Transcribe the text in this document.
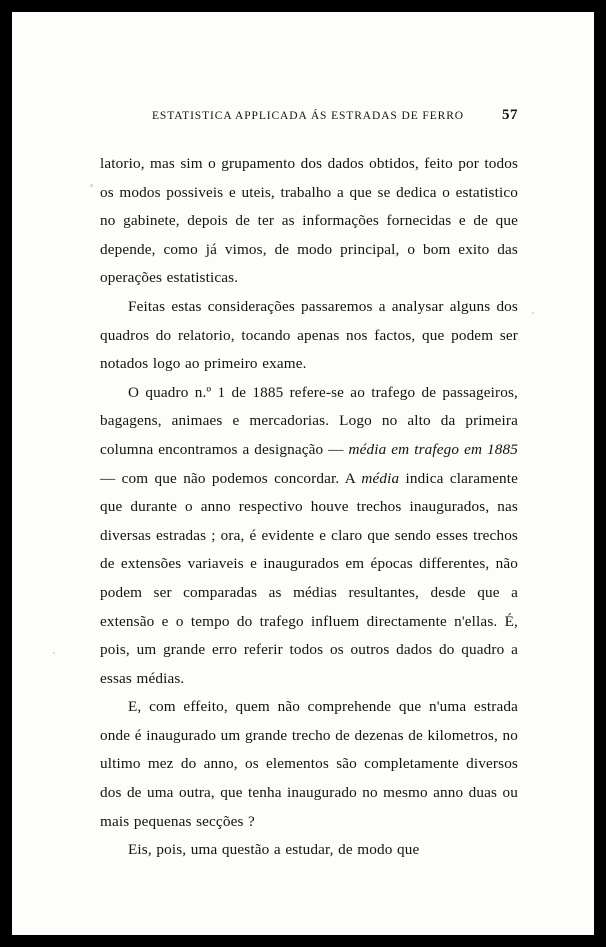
ESTATISTICA APPLICADA ÁS ESTRADAS DE FERRO	57

latorio, mas sim o grupamento dos dados obtidos, feito por todos os modos possiveis e uteis, trabalho a que se dedica o estatistico no gabinete, depois de ter as informações fornecidas e de que depende, como já vimos, de modo principal, o bom exito das operações estatisticas.

Feitas estas considerações passaremos a analysar alguns dos quadros do relatorio, tocando apenas nos factos, que podem ser notados logo ao primeiro exame.

O quadro n.º 1 de 1885 refere-se ao trafego de passageiros, bagagens, animaes e mercadorias. Logo no alto da primeira columna encontramos a designação — média em trafego em 1885 — com que não podemos concordar. A média indica claramente que durante o anno respectivo houve trechos inaugurados, nas diversas estradas ; ora, é evidente e claro que sendo esses trechos de extensões variaveis e inaugurados em épocas differentes, não podem ser comparadas as médias resultantes, desde que a extensão e o tempo do trafego influem directamente n'ellas. É, pois, um grande erro referir todos os outros dados do quadro a essas médias.

E, com effeito, quem não comprehende que n'uma estrada onde é inaugurado um grande trecho de dezenas de kilometros, no ultimo mez do anno, os elementos são completamente diversos dos de uma outra, que tenha inaugurado no mesmo anno duas ou mais pequenas secções ?

Eis, pois, uma questão a estudar, de modo que
